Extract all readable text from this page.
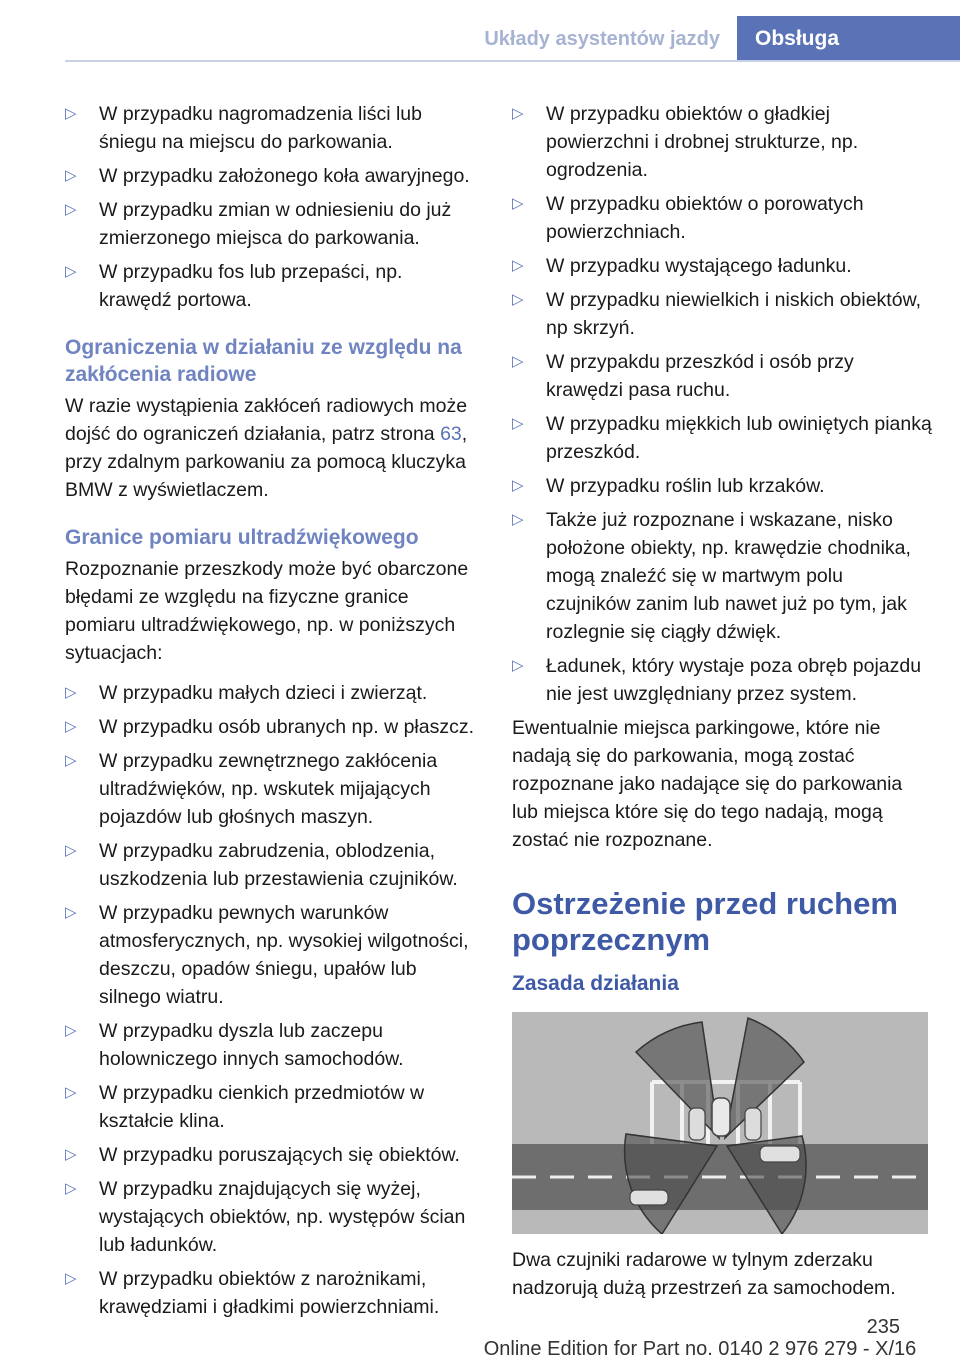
Układy asystentów jazdy Obsługa
▷ W przypadku nagromadzenia liści lub śniegu na miejscu do parkowania.
▷ W przypadku założonego koła awaryjnego.
▷ W przypadku zmian w odniesieniu do już zmierzonego miejsca do parkowania.
▷ W przypadku fos lub przepaści, np. krawędź portowa.
Ograniczenia w działaniu ze względu na zakłócenia radiowe

W razie wystąpienia zakłóceń radiowych może dojść do ograniczeń działania, patrz strona 63, przy zdalnym parkowaniu za pomocą kluczyka BMW z wyświetlaczem.

Granice pomiaru ultradźwiękowego

Rozpoznanie przeszkody może być obarczone błędami ze względu na fizyczne granice pomiaru ultradźwiękowego, np. w poniższych sytuacjach:

▷ W przypadku małych dzieci i zwierząt.
▷ W przypadku osób ubranych np. w płaszcz.
▷ W przypadku zewnętrznego zakłócenia ultradźwięków, np. wskutek mijających pojazdów lub głośnych maszyn.
▷ W przypadku zabrudzenia, oblodzenia, uszkodzenia lub przestawienia czujników.
▷ W przypadku pewnych warunków atmosferycznych, np. wysokiej wilgotności, deszczu, opadów śniegu, upałów lub silnego wiatru.
▷ W przypadku dyszla lub zaczepu holowniczego innych samochodów.
▷ W przypadku cienkich przedmiotów w kształcie klina.
▷ W przypadku poruszających się obiektów.
▷ W przypadku znajdujących się wyżej, wystających obiektów, np. występów ścian lub ładunków.
▷ W przypadku obiektów z narożnikami, krawędziami i gładkimi powierzchniami.
▷ W przypadku obiektów o gładkiej powierzchni i drobnej strukturze, np. ogrodzenia.
▷ W przypadku obiektów o porowatych powierzchniach.
▷ W przypadku wystającego ładunku.
▷ W przypadku niewielkich i niskich obiektów, np skrzyń.
▷ W przypakdu przeszkód i osób przy krawędzi pasa ruchu.
▷ W przypadku miękkich lub owiniętych pianką przeszkód.
▷ W przypadku roślin lub krzaków.
▷ Także już rozpoznane i wskazane, nisko położone obiekty, np. krawędzie chodnika, mogą znaleźć się w martwym polu czujników zanim lub nawet już po tym, jak rozlegnie się ciągły dźwięk.
▷ Ładunek, który wystaje poza obręb pojazdu nie jest uwzględniany przez system.

Ewentualnie miejsca parkingowe, które nie nadają się do parkowania, mogą zostać rozpoznane jako nadające się do parkowania lub miejsca które się do tego nadają, mogą zostać nie rozpoznane.

Ostrzeżenie przed ruchem poprzecznym
Zasada działania

Dwa czujniki radarowe w tylnym zderzaku nadzorują dużą przestrzeń za samochodem.

235
Online Edition for Part no. 0140 2 976 279 - X/16
